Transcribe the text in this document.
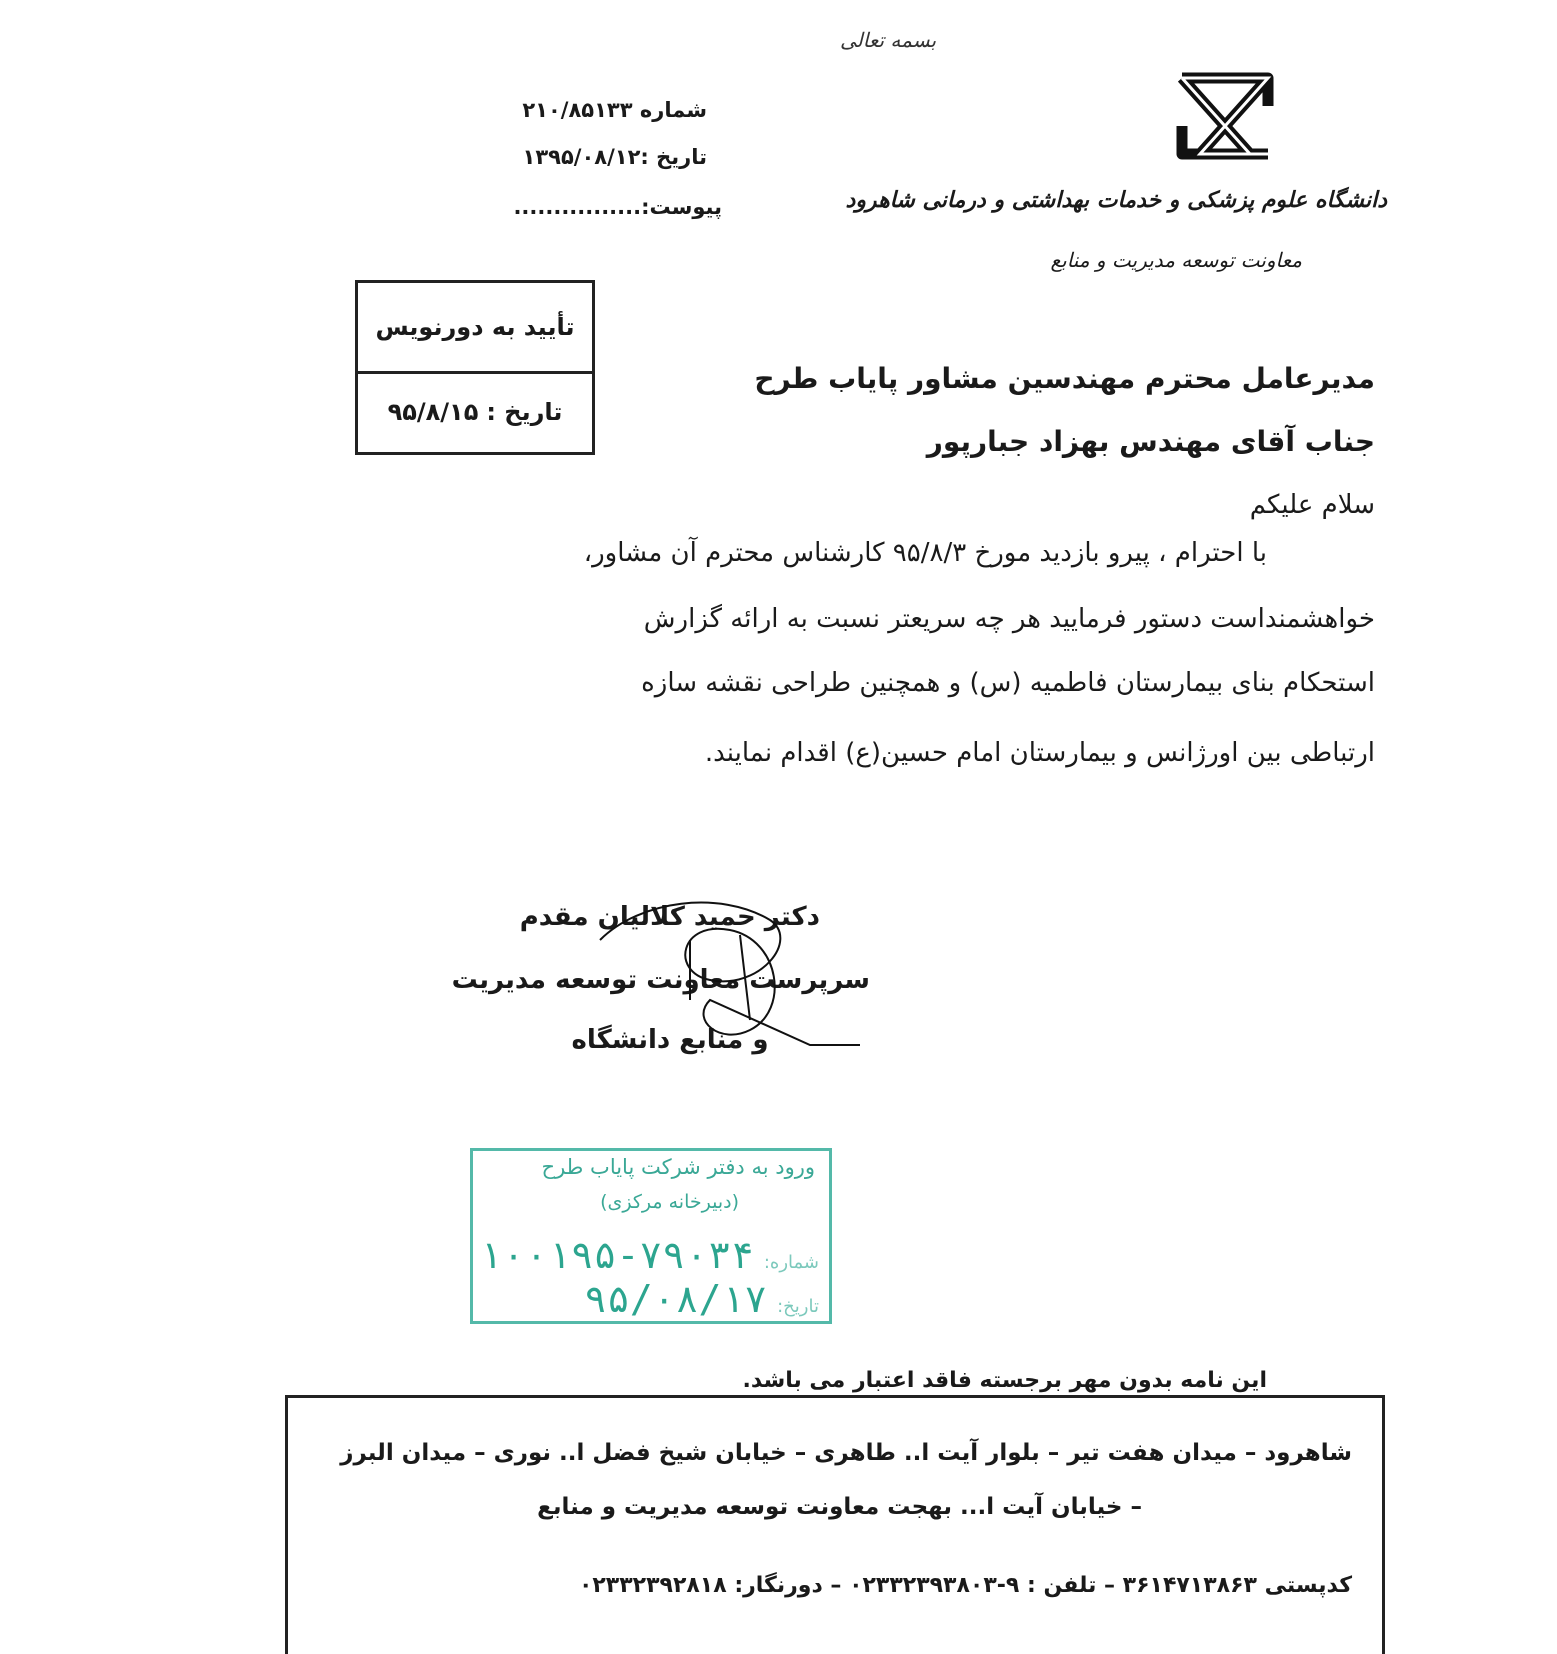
بسمه تعالی
دانشگاه علوم پزشکی و خدمات بهداشتی و درمانی شاهرود
معاونت توسعه مدیریت و منابع
شماره ۲۱۰/۸۵۱۳۳
تاریخ :۱۳۹۵/۰۸/۱۲
پیوست:................
تأیید به دورنویس
تاریخ :
۹۵/۸/۱۵
مدیرعامل محترم مهندسین مشاور پایاب طرح
جناب آقای مهندس بهزاد جبارپور
سلام علیکم
با احترام ، پیرو بازدید مورخ ۹۵/۸/۳ کارشناس محترم آن مشاور،
خواهشمنداست دستور فرمایید هر چه سریعتر نسبت به ارائه گزارش
استحکام بنای بیمارستان فاطمیه (س) و همچنین طراحی نقشه سازه
ارتباطی بین اورژانس و بیمارستان امام حسین(ع) اقدام نمایند.
دکتر حمید کلالیان مقدم
سرپرست معاونت توسعه مدیریت
و منابع دانشگاه
ورود به دفتر شرکت پایاب طرح
(دبیرخانه مرکزی)
شماره:
۱۰۰۱۹۵-۷۹۰۳۴
تاریخ:
۹۵/۰۸/۱۷
این نامه بدون مهر برجسته فاقد اعتبار می باشد.
شاهرود – میدان هفت تیر – بلوار آیت ا.. طاهری – خیابان شیخ فضل ا.. نوری – میدان البرز
– خیابان آیت ا... بهجت معاونت توسعه مدیریت و منابع
کدپستی ۳۶۱۴۷۱۳۸۶۳ – تلفن : ۹-۰۲۳۳۲۳۹۳۸۰۳ – دورنگار: ۰۲۳۳۲۳۹۲۸۱۸
